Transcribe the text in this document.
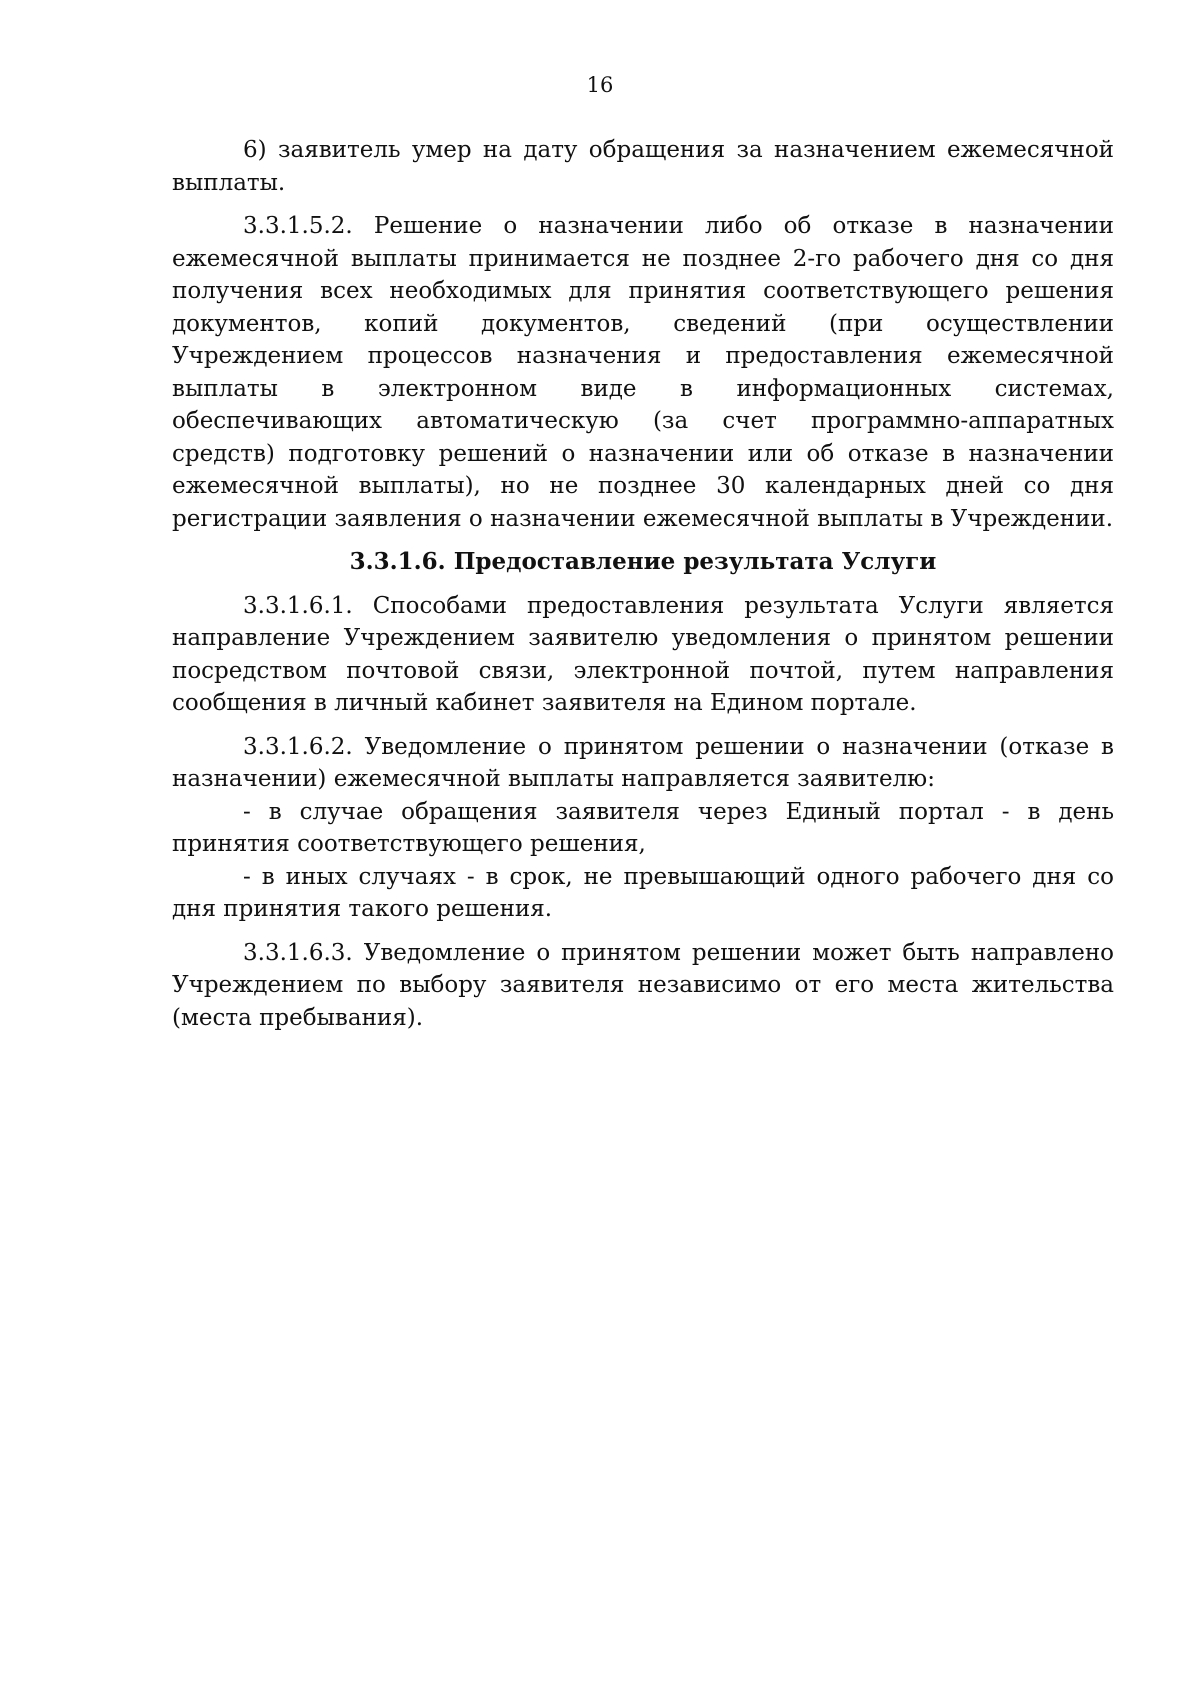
16

6) заявитель умер на дату обращения за назначением ежемесячной выплаты.

3.3.1.5.2. Решение о назначении либо об отказе в назначении ежемесячной выплаты принимается не позднее 2-го рабочего дня со дня получения всех необходимых для принятия соответствующего решения документов, копий документов, сведений (при осуществлении Учреждением процессов назначения и предоставления ежемесячной выплаты в электронном виде в информационных системах, обеспечивающих автоматическую (за счет программно-аппаратных средств) подготовку решений о назначении или об отказе в назначении ежемесячной выплаты), но не позднее 30 календарных дней со дня регистрации заявления о назначении ежемесячной выплаты в Учреждении.

3.3.1.6. Предоставление результата Услуги

3.3.1.6.1. Способами предоставления результата Услуги является направление Учреждением заявителю уведомления о принятом решении посредством почтовой связи, электронной почтой, путем направления сообщения в личный кабинет заявителя на Едином портале.

3.3.1.6.2. Уведомление о принятом решении о назначении (отказе в назначении) ежемесячной выплаты направляется заявителю:

- в случае обращения заявителя через Единый портал - в день принятия соответствующего решения,

- в иных случаях - в срок, не превышающий одного рабочего дня со дня принятия такого решения.

3.3.1.6.3. Уведомление о принятом решении может быть направлено Учреждением по выбору заявителя независимо от его места жительства (места пребывания).
